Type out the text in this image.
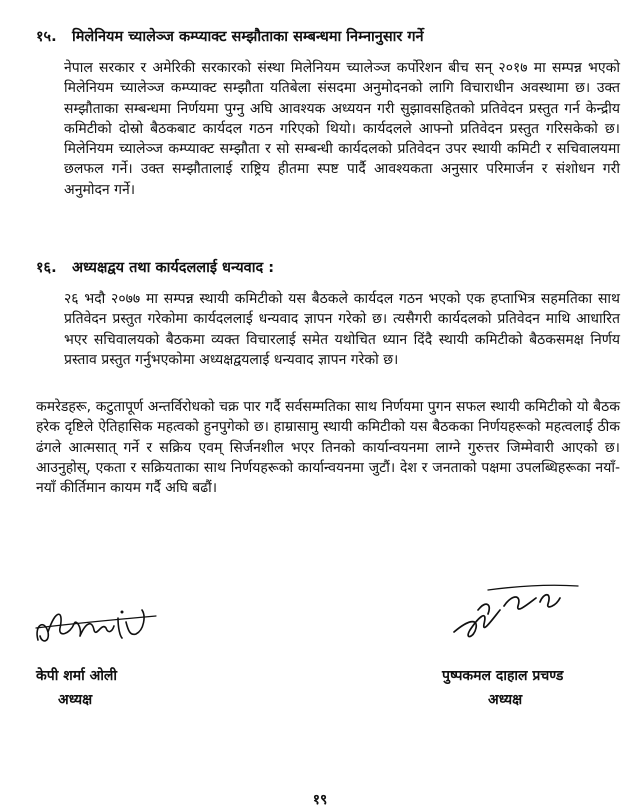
१५. मिलेनियम च्यालेञ्ज कम्प्याक्ट सम्झौताका सम्बन्धमा निम्नानुसार गर्ने
नेपाल सरकार र अमेरिकी सरकारको संस्था मिलेनियम च्यालेञ्ज कर्पोरेशन बीच सन् २०१७ मा सम्पन्न भएको मिलेनियम च्यालेञ्ज कम्प्याक्ट सम्झौता यतिबेला संसदमा अनुमोदनको लागि विचाराधीन अवस्थामा छ। उक्त सम्झौताका सम्बन्धमा निर्णयमा पुग्नु अघि आवश्यक अध्ययन गरी सुझावसहितको प्रतिवेदन प्रस्तुत गर्न केन्द्रीय कमिटीको दोस्रो बैठकबाट कार्यदल गठन गरिएको थियो। कार्यदलले आफ्नो प्रतिवेदन प्रस्तुत गरिसकेको छ। मिलेनियम च्यालेञ्ज कम्प्याक्ट सम्झौता र सो सम्बन्धी कार्यदलको प्रतिवेदन उपर स्थायी कमिटी र सचिवालयमा छलफल गर्ने। उक्त सम्झौतालाई राष्ट्रिय हीतमा स्पष्ट पार्दै आवश्यकता अनुसार परिमार्जन र संशोधन गरी अनुमोदन गर्ने।
१६. अध्यक्षद्वय तथा कार्यदललाई धन्यवाद :
२६ भदौ २०७७ मा सम्पन्न स्थायी कमिटीको यस बैठकले कार्यदल गठन भएको एक हप्ताभित्र सहमतिका साथ प्रतिवेदन प्रस्तुत गरेकोमा कार्यदललाई धन्यवाद ज्ञापन गरेको छ। त्यसैगरी कार्यदलको प्रतिवेदन माथि आधारित भएर सचिवालयको बैठकमा व्यक्त विचारलाई समेत यथोचित ध्यान दिंदै स्थायी कमिटीको बैठकसमक्ष निर्णय प्रस्ताव प्रस्तुत गर्नुभएकोमा अध्यक्षद्वयलाई धन्यवाद ज्ञापन गरेको छ।
कमरेडहरू, कटुतापूर्ण अन्तर्विरोधको चक्र पार गर्दै सर्वसम्मतिका साथ निर्णयमा पुगन सफल स्थायी कमिटीको यो बैठक हरेक दृष्टिले ऐतिहासिक महत्वको हुनपुगेको छ। हाम्रासामु स्थायी कमिटीको यस बैठकका निर्णयहरूको महत्वलाई ठीक ढंगले आत्मसात् गर्ने र सक्रिय एवम् सिर्जनशील भएर तिनको कार्यान्वयनमा लाग्ने गुरुत्तर जिम्मेवारी आएको छ। आउनुहोस्, एकता र सक्रियताका साथ निर्णयहरूको कार्यान्वयनमा जुटौं। देश र जनताको पक्षमा उपलब्धिहरूका नयाँ-नयाँ कीर्तिमान कायम गर्दै अघि बढौं।
केपी शर्मा ओली
अध्यक्ष
पुष्पकमल दाहाल प्रचण्ड
अध्यक्ष
१९
